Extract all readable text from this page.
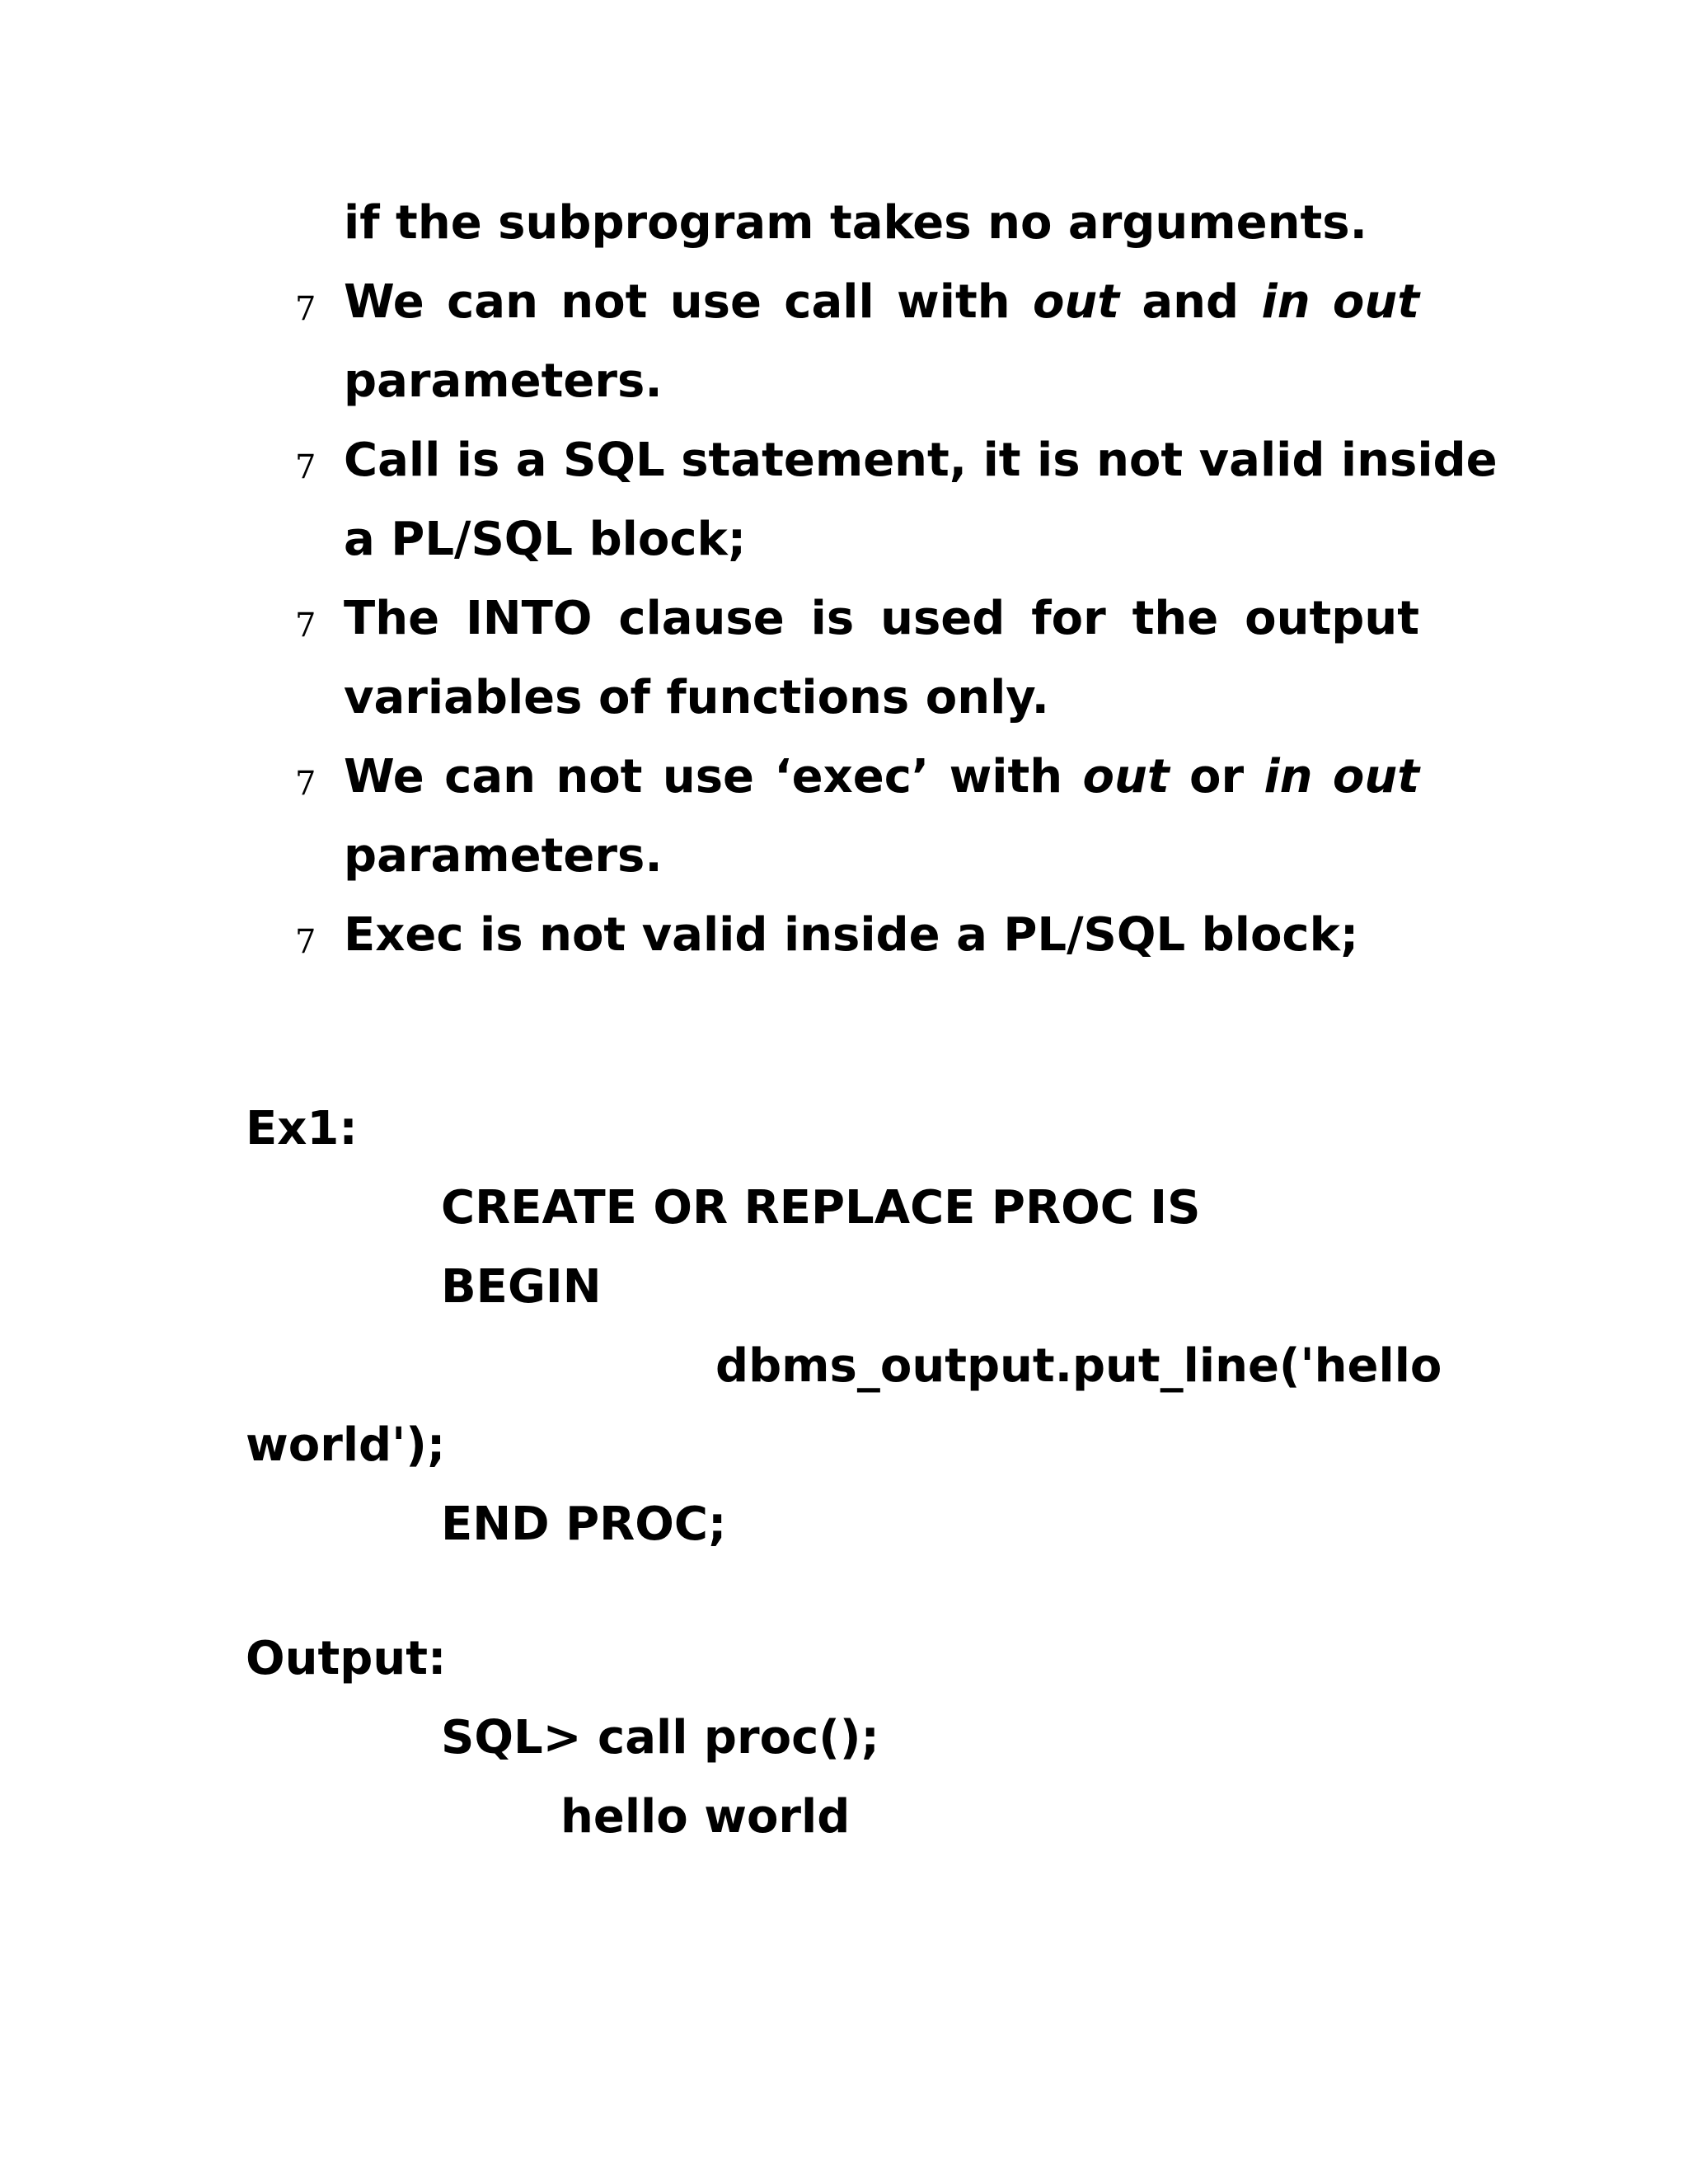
if the subprogram takes no arguments.
7 We can not use call with out and in out
parameters.
7 Call is a SQL statement, it is not valid inside
a PL/SQL block;
7 The INTO clause is used for the output
variables of functions only.
7 We can not use ‘exec’ with out or in out
parameters.
7 Exec is not valid inside a PL/SQL block;
Ex1:
CREATE OR REPLACE PROC IS
BEGIN
dbms_output.put_line('hello
world');
END PROC;
Output:
SQL> call proc();
hello world
